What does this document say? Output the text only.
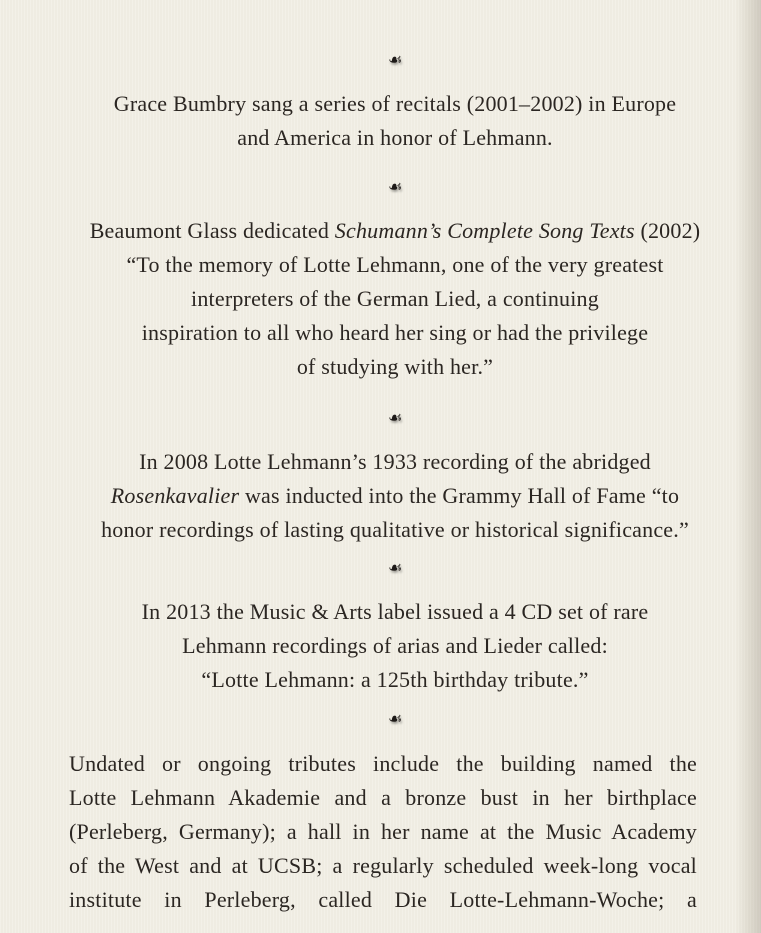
☙

Grace Bumbry sang a series of recitals (2001–2002) in Europe
and America in honor of Lehmann.

☙

Beaumont Glass dedicated Schumann’s Complete Song Texts (2002)
“To the memory of Lotte Lehmann, one of the very greatest
interpreters of the German Lied, a continuing
inspiration to all who heard her sing or had the privilege
of studying with her.”

☙

In 2008 Lotte Lehmann’s 1933 recording of the abridged
Rosenkavalier was inducted into the Grammy Hall of Fame “to
honor recordings of lasting qualitative or historical significance.”

☙

In 2013 the Music & Arts label issued a 4 CD set of rare
Lehmann recordings of arias and Lieder called:
“Lotte Lehmann: a 125th birthday tribute.”

☙

Undated or ongoing tributes include the building named the
Lotte Lehmann Akademie and a bronze bust in her birthplace
(Perleberg, Germany); a hall in her name at the Music Academy
of the West and at UCSB; a regularly scheduled week-long vocal
institute in Perleberg, called Die Lotte-Lehmann-Woche; a
